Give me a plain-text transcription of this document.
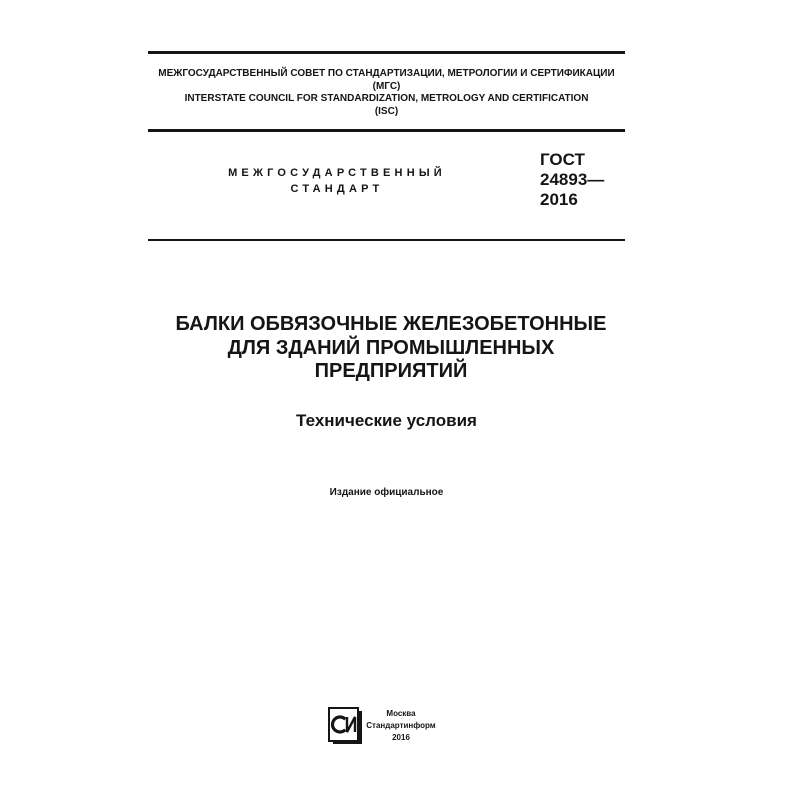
МЕЖГОСУДАРСТВЕННЫЙ СОВЕТ ПО СТАНДАРТИЗАЦИИ, МЕТРОЛОГИИ И СЕРТИФИКАЦИИ
(МГС)
INTERSTATE COUNCIL FOR STANDARDIZATION, METROLOGY AND CERTIFICATION
(ISC)
МЕЖГОСУДАРСТВЕННЫЙ
СТАНДАРТ
ГОСТ
24893—
2016
БАЛКИ ОБВЯЗОЧНЫЕ ЖЕЛЕЗОБЕТОННЫЕ
ДЛЯ ЗДАНИЙ ПРОМЫШЛЕННЫХ
ПРЕДПРИЯТИЙ
Технические условия
Издание официальное
Москва
Стандартинформ
2016
